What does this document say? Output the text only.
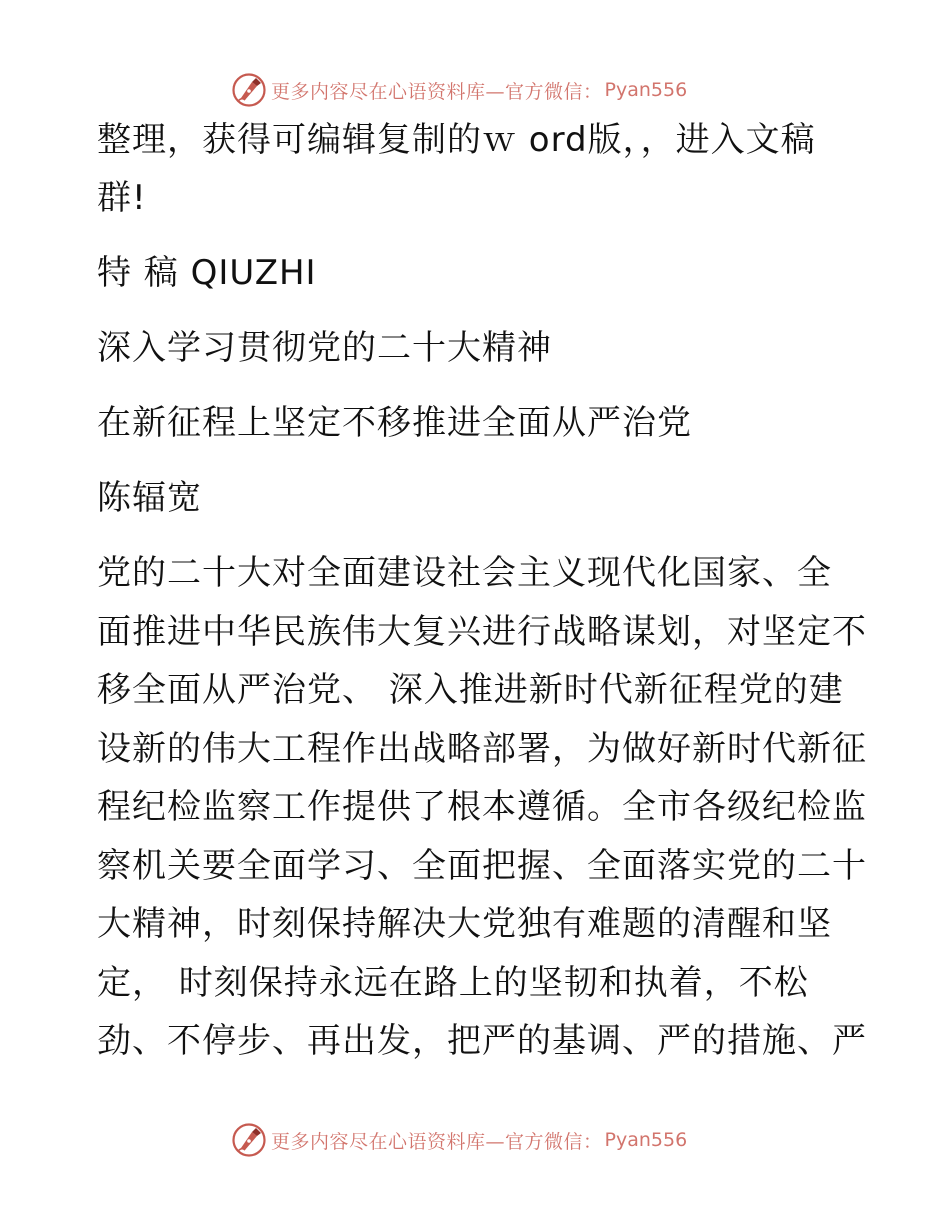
更多内容尽在心语资料库—官方微信： Pyan556
整理，获得可编辑复制的ｗ ord版，，进入文稿
群!
特 稿 QIUZHI
深入学习贯彻党的二十大精神
在新征程上坚定不移推进全面从严治党
陈辐宽
党的二十大对全面建设社会主义现代化国家、全
面推进中华民族伟大复兴进行战略谋划，对坚定不
移全面从严治党、 深入推进新时代新征程党的建
设新的伟大工程作出战略部署，为做好新时代新征
程纪检监察工作提供了根本遵循。全市各级纪检监
察机关要全面学习、全面把握、全面落实党的二十
大精神，时刻保持解决大党独有难题的清醒和坚
定， 时刻保持永远在路上的坚韧和执着，不松
劲、不停步、再出发，把严的基调、严的措施、严
更多内容尽在心语资料库—官方微信： Pyan556
